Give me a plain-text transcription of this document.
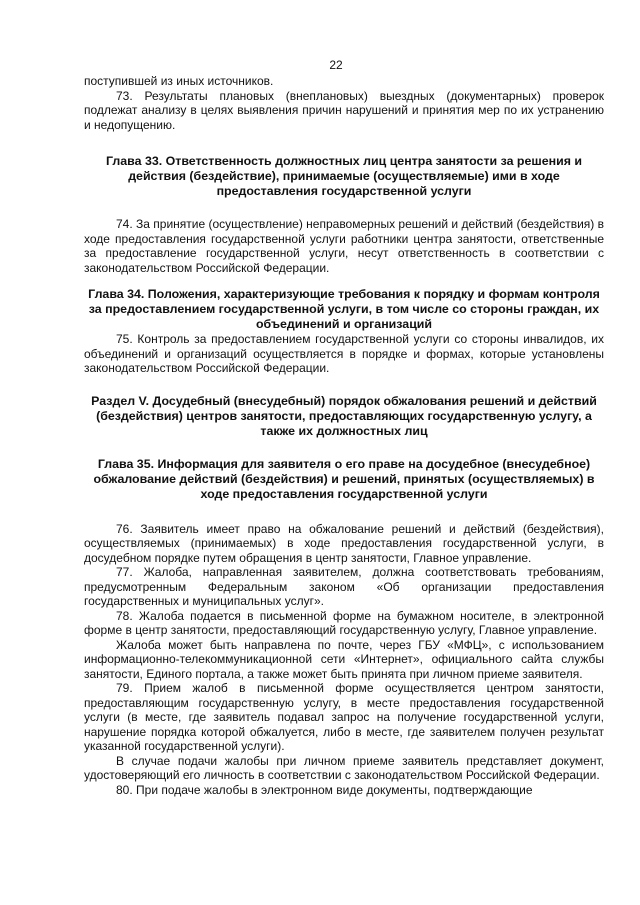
22

поступившей из иных источников.

73. Результаты плановых (внеплановых) выездных (документарных) проверок подлежат анализу в целях выявления причин нарушений и принятия мер по их устранению и недопущению.

Глава 33. Ответственность должностных лиц центра занятости за решения и действия (бездействие), принимаемые (осуществляемые) ими в ходе предоставления государственной услуги

74. За принятие (осуществление) неправомерных решений и действий (бездействия) в ходе предоставления государственной услуги работники центра занятости, ответственные за предоставление государственной услуги, несут ответственность в соответствии с законодательством Российской Федерации.

Глава 34. Положения, характеризующие требования к порядку и формам контроля за предоставлением государственной услуги, в том числе со стороны граждан, их объединений и организаций

75. Контроль за предоставлением государственной услуги со стороны инвалидов, их объединений и организаций осуществляется в порядке и формах, которые установлены законодательством Российской Федерации.

Раздел V. Досудебный (внесудебный) порядок обжалования решений и действий (бездействия) центров занятости, предоставляющих государственную услугу, а также их должностных лиц

Глава 35. Информация для заявителя о его праве на досудебное (внесудебное) обжалование действий (бездействия) и решений, принятых (осуществляемых) в ходе предоставления государственной услуги

76. Заявитель имеет право на обжалование решений и действий (бездействия), осуществляемых (принимаемых) в ходе предоставления государственной услуги, в досудебном порядке путем обращения в центр занятости, Главное управление.

77. Жалоба, направленная заявителем, должна соответствовать требованиям, предусмотренным Федеральным законом «Об организации предоставления государственных и муниципальных услуг».

78. Жалоба подается в письменной форме на бумажном носителе, в электронной форме в центр занятости, предоставляющий государственную услугу, Главное управление.

Жалоба может быть направлена по почте, через ГБУ «МФЦ», с использованием информационно-телекоммуникационной сети «Интернет», официального сайта службы занятости, Единого портала, а также может быть принята при личном приеме заявителя.

79. Прием жалоб в письменной форме осуществляется центром занятости, предоставляющим государственную услугу, в месте предоставления государственной услуги (в месте, где заявитель подавал запрос на получение государственной услуги, нарушение порядка которой обжалуется, либо в месте, где заявителем получен результат указанной государственной услуги).

В случае подачи жалобы при личном приеме заявитель представляет документ, удостоверяющий его личность в соответствии с законодательством Российской Федерации.

80. При подаче жалобы в электронном виде документы, подтверждающие
